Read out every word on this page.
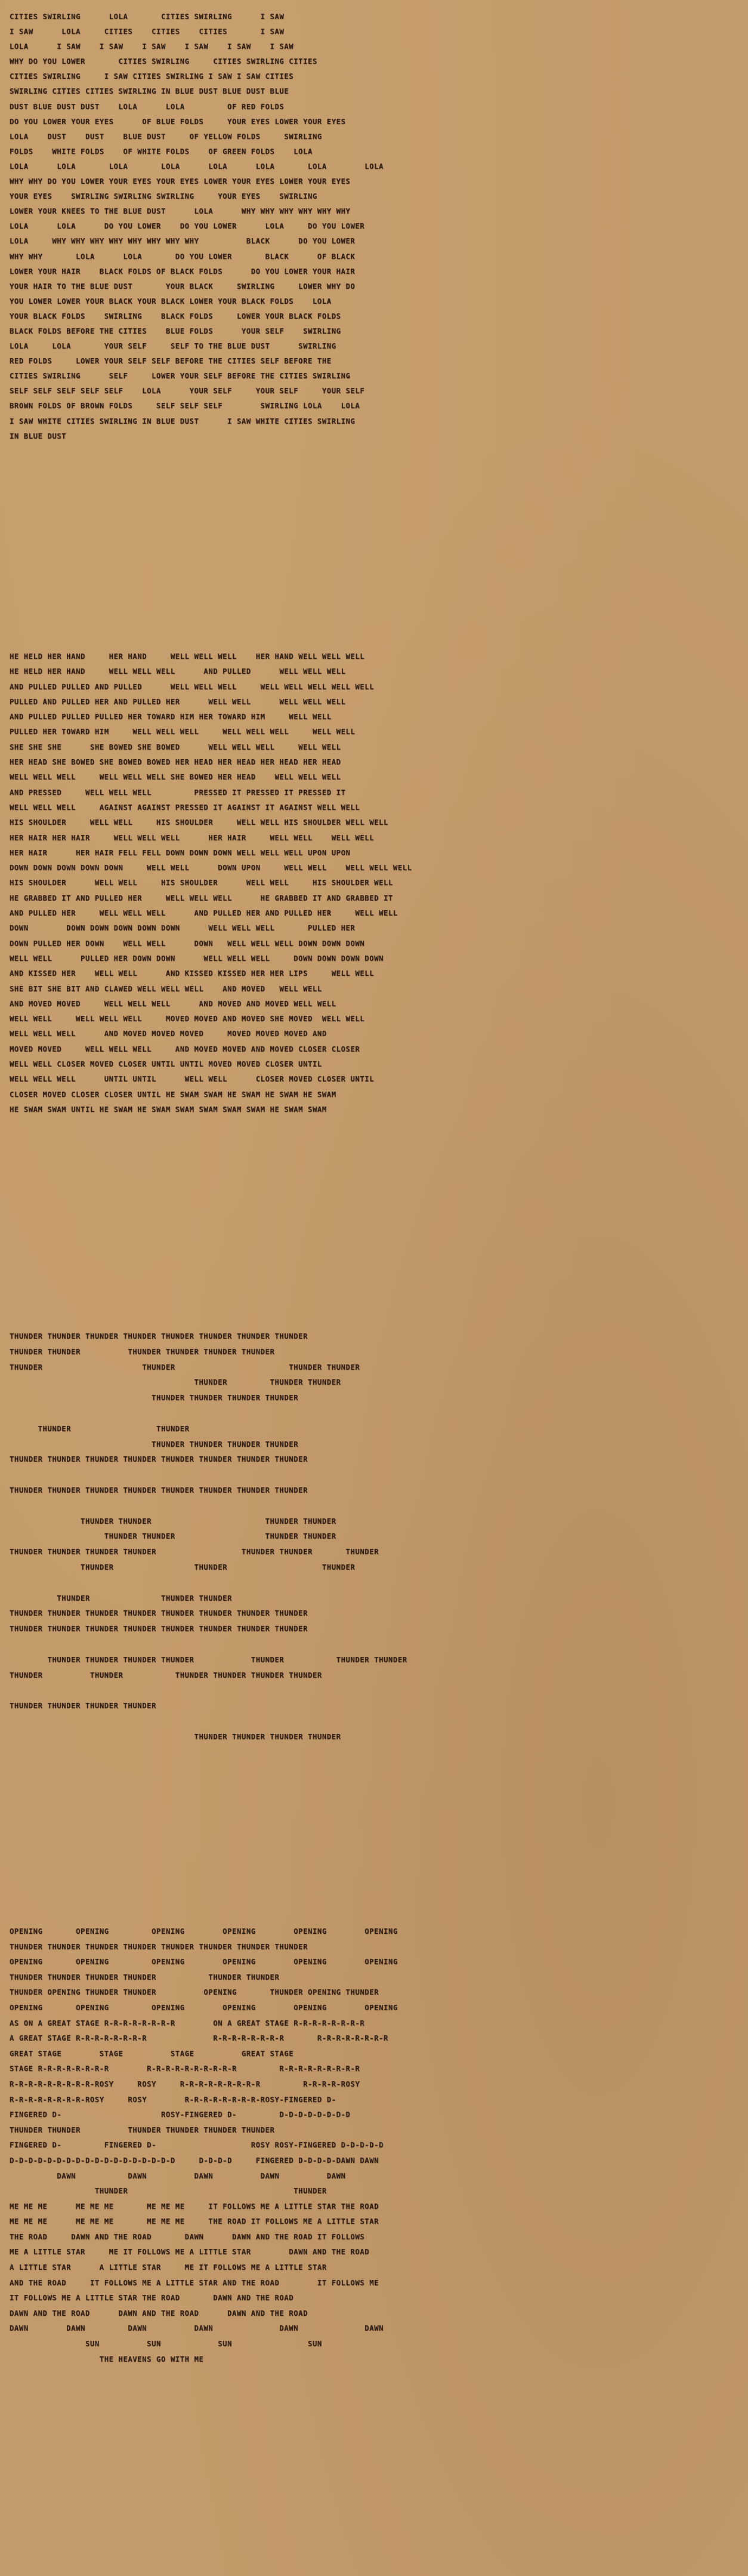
CITIES SWIRLING      LOLA       CITIES SWIRLING      I SAW
I SAW      LOLA     CITIES    CITIES    CITIES       I SAW
LOLA      I SAW    I SAW    I SAW    I SAW    I SAW    I SAW
WHY DO YOU LOWER       CITIES SWIRLING     CITIES SWIRLING CITIES
CITIES SWIRLING     I SAW CITIES SWIRLING I SAW I SAW CITIES
SWIRLING CITIES CITIES SWIRLING IN BLUE DUST BLUE DUST BLUE
DUST BLUE DUST DUST    LOLA      LOLA         OF RED FOLDS
DO YOU LOWER YOUR EYES      OF BLUE FOLDS     YOUR EYES LOWER YOUR EYES
LOLA    DUST    DUST    BLUE DUST     OF YELLOW FOLDS     SWIRLING
FOLDS    WHITE FOLDS    OF WHITE FOLDS    OF GREEN FOLDS    LOLA
LOLA      LOLA       LOLA       LOLA      LOLA      LOLA       LOLA        LOLA
WHY WHY DO YOU LOWER YOUR EYES YOUR EYES LOWER YOUR EYES LOWER YOUR EYES
YOUR EYES    SWIRLING SWIRLING SWIRLING     YOUR EYES    SWIRLING
LOWER YOUR KNEES TO THE BLUE DUST      LOLA      WHY WHY WHY WHY WHY WHY
LOLA      LOLA      DO YOU LOWER    DO YOU LOWER      LOLA     DO YOU LOWER
LOLA     WHY WHY WHY WHY WHY WHY WHY WHY          BLACK      DO YOU LOWER
WHY WHY       LOLA      LOLA       DO YOU LOWER       BLACK      OF BLACK
LOWER YOUR HAIR    BLACK FOLDS OF BLACK FOLDS      DO YOU LOWER YOUR HAIR
YOUR HAIR TO THE BLUE DUST       YOUR BLACK     SWIRLING     LOWER WHY DO
YOU LOWER LOWER YOUR BLACK YOUR BLACK LOWER YOUR BLACK FOLDS    LOLA
YOUR BLACK FOLDS    SWIRLING    BLACK FOLDS     LOWER YOUR BLACK FOLDS
BLACK FOLDS BEFORE THE CITIES    BLUE FOLDS      YOUR SELF    SWIRLING
LOLA     LOLA       YOUR SELF     SELF TO THE BLUE DUST      SWIRLING
RED FOLDS     LOWER YOUR SELF SELF BEFORE THE CITIES SELF BEFORE THE
CITIES SWIRLING      SELF     LOWER YOUR SELF BEFORE THE CITIES SWIRLING
SELF SELF SELF SELF SELF    LOLA      YOUR SELF     YOUR SELF     YOUR SELF
BROWN FOLDS OF BROWN FOLDS     SELF SELF SELF        SWIRLING LOLA    LOLA
I SAW WHITE CITIES SWIRLING IN BLUE DUST      I SAW WHITE CITIES SWIRLING
IN BLUE DUST
HE HELD HER HAND     HER HAND     WELL WELL WELL    HER HAND WELL WELL WELL
HE HELD HER HAND     WELL WELL WELL      AND PULLED      WELL WELL WELL
AND PULLED PULLED AND PULLED      WELL WELL WELL     WELL WELL WELL WELL WELL
PULLED AND PULLED HER AND PULLED HER      WELL WELL      WELL WELL WELL
AND PULLED PULLED PULLED HER TOWARD HIM HER TOWARD HIM     WELL WELL
PULLED HER TOWARD HIM     WELL WELL WELL     WELL WELL WELL     WELL WELL
SHE SHE SHE      SHE BOWED SHE BOWED      WELL WELL WELL     WELL WELL
HER HEAD SHE BOWED SHE BOWED BOWED HER HEAD HER HEAD HER HEAD HER HEAD
WELL WELL WELL     WELL WELL WELL SHE BOWED HER HEAD    WELL WELL WELL
AND PRESSED     WELL WELL WELL         PRESSED IT PRESSED IT PRESSED IT
WELL WELL WELL     AGAINST AGAINST PRESSED IT AGAINST IT AGAINST WELL WELL
HIS SHOULDER     WELL WELL     HIS SHOULDER     WELL WELL HIS SHOULDER WELL WELL
HER HAIR HER HAIR     WELL WELL WELL      HER HAIR     WELL WELL    WELL WELL
HER HAIR      HER HAIR FELL FELL DOWN DOWN DOWN WELL WELL WELL UPON UPON
DOWN DOWN DOWN DOWN DOWN     WELL WELL      DOWN UPON     WELL WELL    WELL WELL WELL
HIS SHOULDER      WELL WELL     HIS SHOULDER      WELL WELL     HIS SHOULDER WELL
HE GRABBED IT AND PULLED HER     WELL WELL WELL      HE GRABBED IT AND GRABBED IT
AND PULLED HER     WELL WELL WELL      AND PULLED HER AND PULLED HER     WELL WELL
DOWN        DOWN DOWN DOWN DOWN DOWN      WELL WELL WELL       PULLED HER
DOWN PULLED HER DOWN    WELL WELL      DOWN   WELL WELL WELL DOWN DOWN DOWN
WELL WELL      PULLED HER DOWN DOWN      WELL WELL WELL     DOWN DOWN DOWN DOWN
AND KISSED HER    WELL WELL      AND KISSED KISSED HER HER LIPS     WELL WELL
SHE BIT SHE BIT AND CLAWED WELL WELL WELL    AND MOVED   WELL WELL
AND MOVED MOVED     WELL WELL WELL      AND MOVED AND MOVED WELL WELL
WELL WELL     WELL WELL WELL     MOVED MOVED AND MOVED SHE MOVED  WELL WELL
WELL WELL WELL      AND MOVED MOVED MOVED     MOVED MOVED MOVED AND
MOVED MOVED     WELL WELL WELL     AND MOVED MOVED AND MOVED CLOSER CLOSER
WELL WELL CLOSER MOVED CLOSER UNTIL UNTIL MOVED MOVED CLOSER UNTIL
WELL WELL WELL      UNTIL UNTIL      WELL WELL      CLOSER MOVED CLOSER UNTIL
CLOSER MOVED CLOSER CLOSER UNTIL HE SWAM SWAM HE SWAM HE SWAM HE SWAM
HE SWAM SWAM UNTIL HE SWAM HE SWAM SWAM SWAM SWAM SWAM HE SWAM SWAM
THUNDER THUNDER THUNDER THUNDER THUNDER THUNDER THUNDER THUNDER
THUNDER THUNDER          THUNDER THUNDER THUNDER THUNDER
THUNDER                     THUNDER                        THUNDER THUNDER
THUNDER         THUNDER THUNDER
THUNDER THUNDER THUNDER THUNDER

THUNDER                  THUNDER
THUNDER THUNDER THUNDER THUNDER
THUNDER THUNDER THUNDER THUNDER THUNDER THUNDER THUNDER THUNDER

THUNDER THUNDER THUNDER THUNDER THUNDER THUNDER THUNDER THUNDER

THUNDER THUNDER                        THUNDER THUNDER
THUNDER THUNDER                   THUNDER THUNDER
THUNDER THUNDER THUNDER THUNDER                  THUNDER THUNDER       THUNDER
THUNDER                 THUNDER                    THUNDER

THUNDER               THUNDER THUNDER
THUNDER THUNDER THUNDER THUNDER THUNDER THUNDER THUNDER THUNDER
THUNDER THUNDER THUNDER THUNDER THUNDER THUNDER THUNDER THUNDER

THUNDER THUNDER THUNDER THUNDER            THUNDER           THUNDER THUNDER
THUNDER          THUNDER           THUNDER THUNDER THUNDER THUNDER

THUNDER THUNDER THUNDER THUNDER

THUNDER THUNDER THUNDER THUNDER
OPENING       OPENING         OPENING        OPENING        OPENING        OPENING
THUNDER THUNDER THUNDER THUNDER THUNDER THUNDER THUNDER THUNDER
OPENING       OPENING         OPENING        OPENING        OPENING        OPENING
THUNDER THUNDER THUNDER THUNDER           THUNDER THUNDER
THUNDER OPENING THUNDER THUNDER          OPENING       THUNDER OPENING THUNDER
OPENING       OPENING         OPENING        OPENING        OPENING        OPENING
AS ON A GREAT STAGE R-R-R-R-R-R-R-R        ON A GREAT STAGE R-R-R-R-R-R-R-R
A GREAT STAGE R-R-R-R-R-R-R-R              R-R-R-R-R-R-R-R       R-R-R-R-R-R-R-R
GREAT STAGE        STAGE          STAGE          GREAT STAGE
STAGE R-R-R-R-R-R-R-R        R-R-R-R-R-R-R-R-R-R         R-R-R-R-R-R-R-R-R
R-R-R-R-R-R-R-R-R-ROSY     ROSY     R-R-R-R-R-R-R-R-R         R-R-R-R-ROSY
R-R-R-R-R-R-R-R-ROSY     ROSY        R-R-R-R-R-R-R-R-ROSY-FINGERED D-
FINGERED D-                     ROSY-FINGERED D-         D-D-D-D-D-D-D-D
THUNDER THUNDER          THUNDER THUNDER THUNDER THUNDER
FINGERED D-         FINGERED D-                    ROSY ROSY-FINGERED D-D-D-D-D
D-D-D-D-D-D-D-D-D-D-D-D-D-D-D-D-D-D     D-D-D-D     FINGERED D-D-D-D-DAWN DAWN
DAWN           DAWN          DAWN          DAWN          DAWN
THUNDER                                   THUNDER
ME ME ME      ME ME ME       ME ME ME     IT FOLLOWS ME A LITTLE STAR THE ROAD
ME ME ME      ME ME ME       ME ME ME     THE ROAD IT FOLLOWS ME A LITTLE STAR
THE ROAD     DAWN AND THE ROAD       DAWN      DAWN AND THE ROAD IT FOLLOWS
ME A LITTLE STAR     ME IT FOLLOWS ME A LITTLE STAR        DAWN AND THE ROAD
A LITTLE STAR      A LITTLE STAR     ME IT FOLLOWS ME A LITTLE STAR
AND THE ROAD     IT FOLLOWS ME A LITTLE STAR AND THE ROAD        IT FOLLOWS ME
IT FOLLOWS ME A LITTLE STAR THE ROAD       DAWN AND THE ROAD
DAWN AND THE ROAD      DAWN AND THE ROAD      DAWN AND THE ROAD
DAWN        DAWN         DAWN          DAWN              DAWN              DAWN
SUN          SUN            SUN                SUN
THE HEAVENS GO WITH ME
